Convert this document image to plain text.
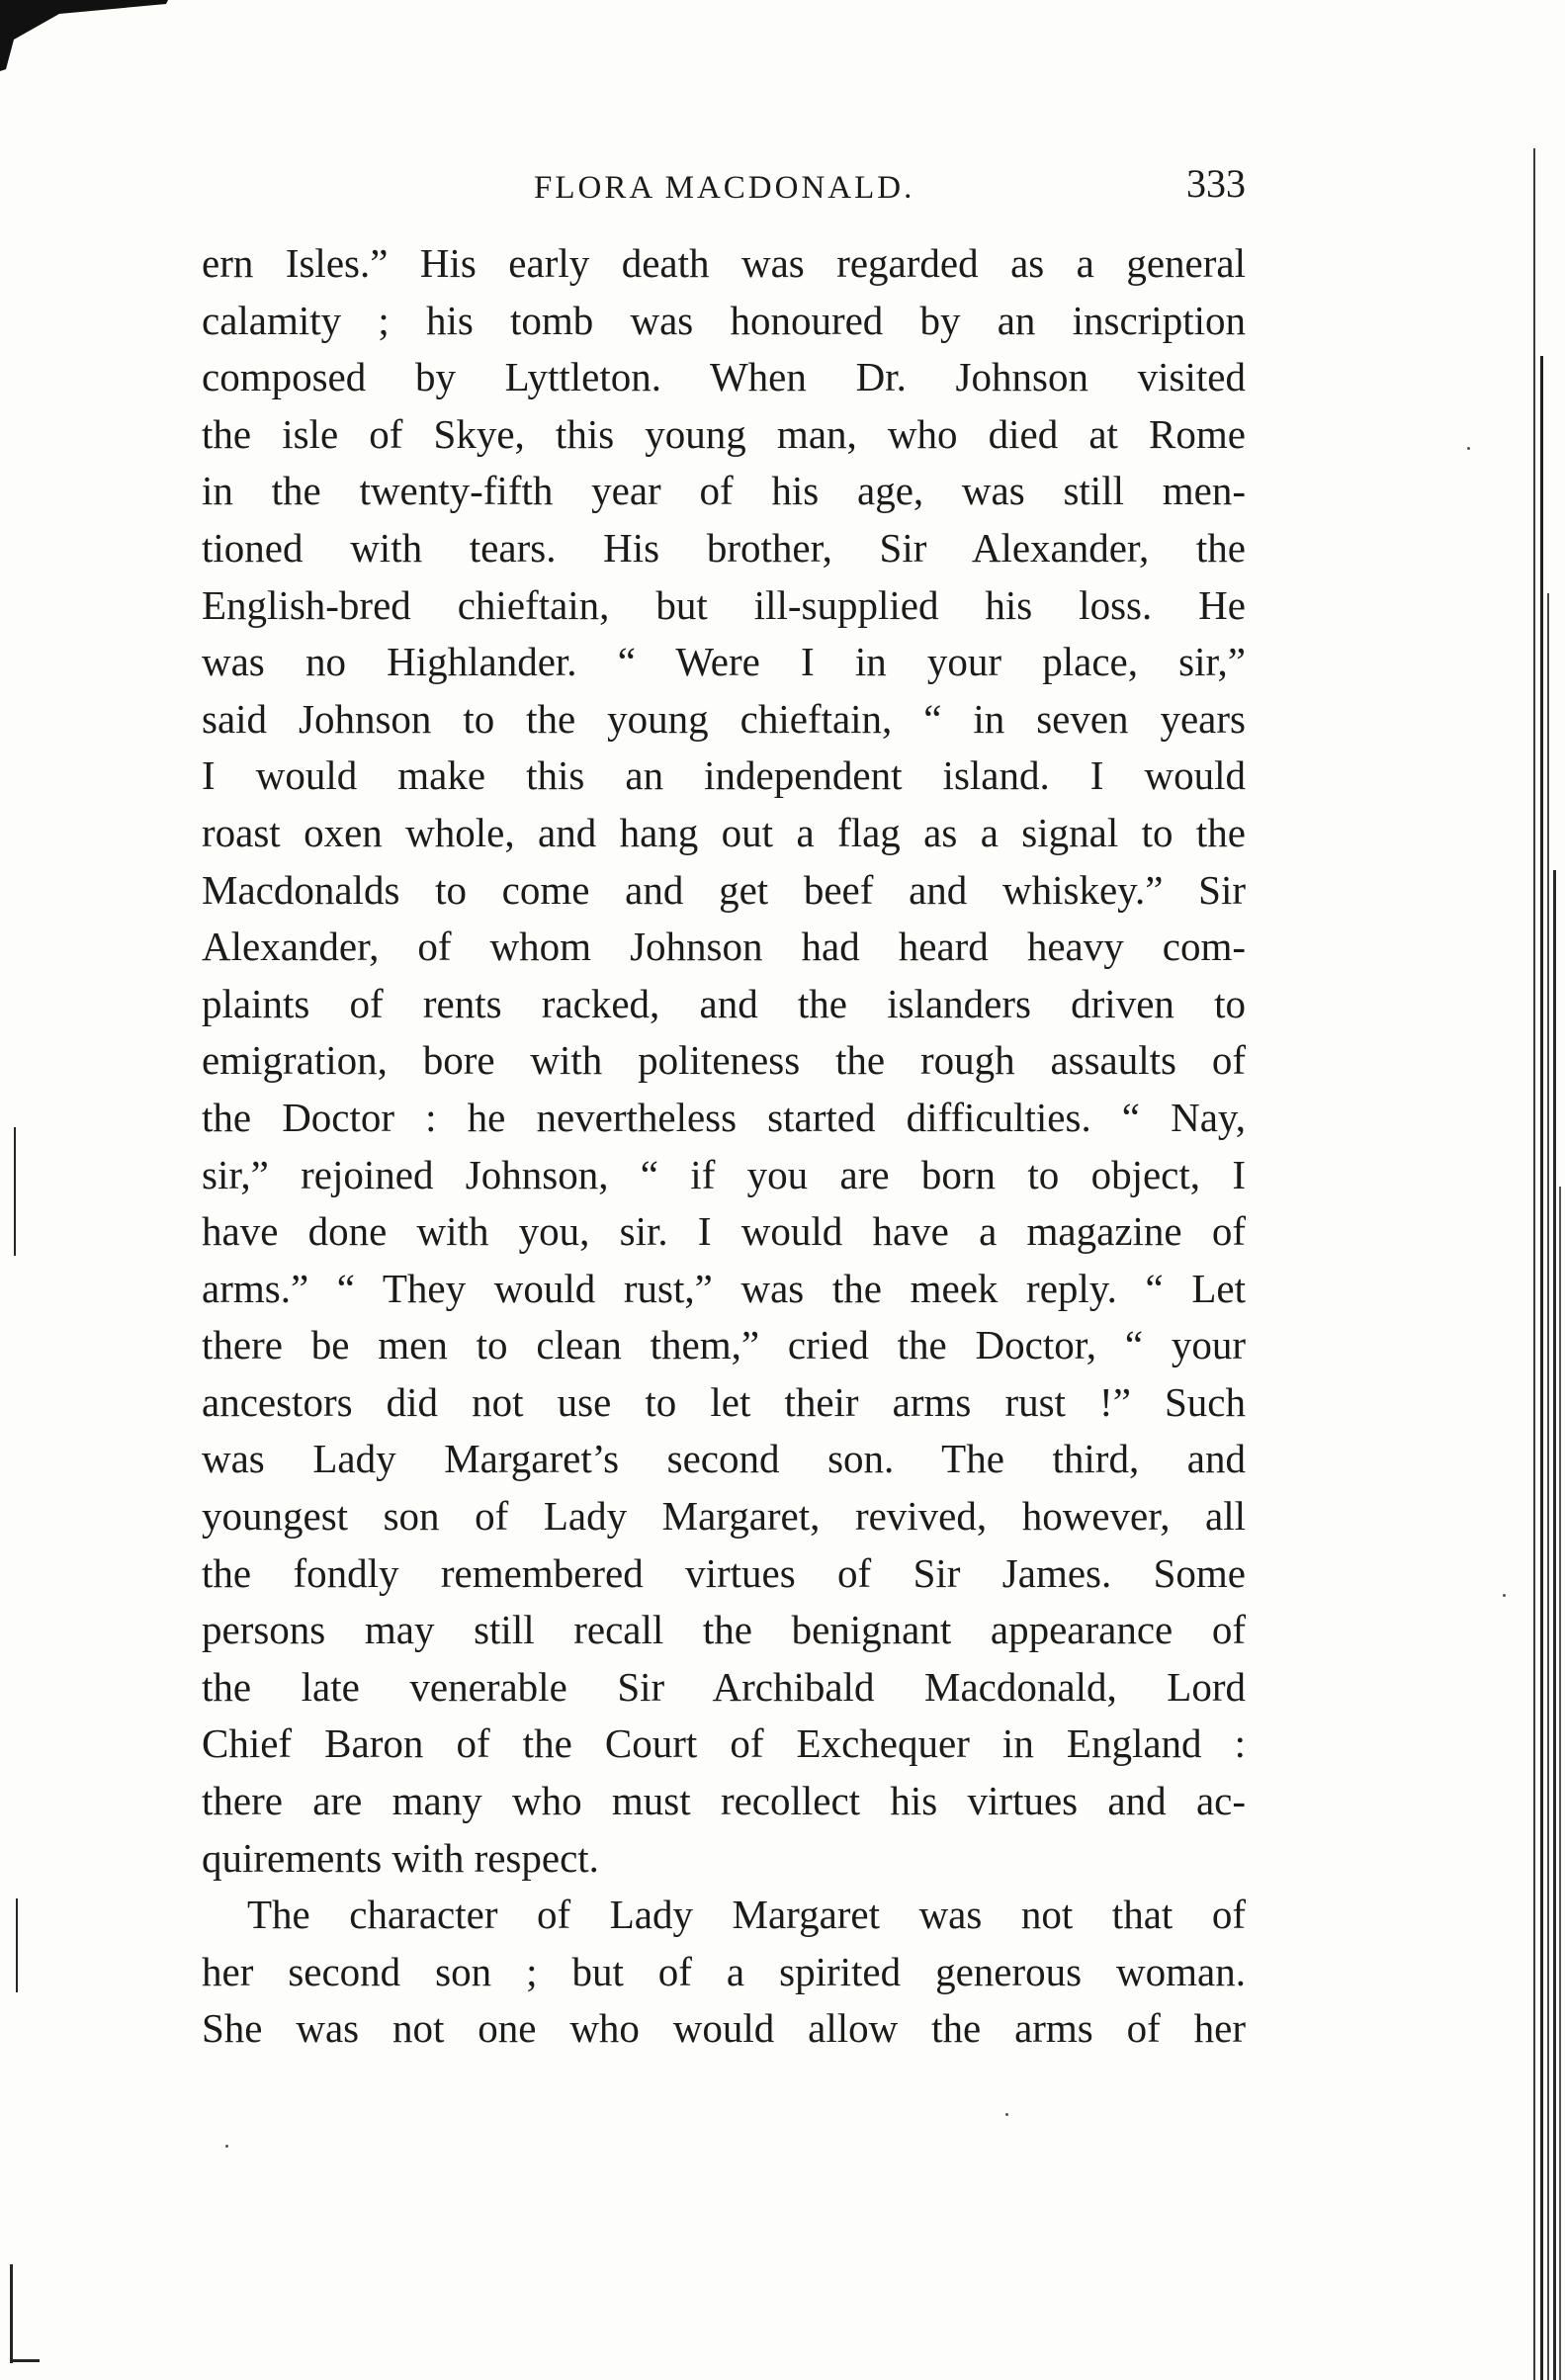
FLORA MACDONALD.	333
ern Isles.” His early death was regarded as a general
calamity ; his tomb was honoured by an inscription
composed by Lyttleton. When Dr. Johnson visited
the isle of Skye, this young man, who died at Rome
in the twenty-fifth year of his age, was still men-
tioned with tears. His brother, Sir Alexander, the
English-bred chieftain, but ill-supplied his loss. He
was no Highlander. “ Were I in your place, sir,”
said Johnson to the young chieftain, “ in seven years
I would make this an independent island. I would
roast oxen whole, and hang out a flag as a signal to the
Macdonalds to come and get beef and whiskey.” Sir
Alexander, of whom Johnson had heard heavy com-
plaints of rents racked, and the islanders driven to
emigration, bore with politeness the rough assaults of
the Doctor : he nevertheless started difficulties. “ Nay,
sir,” rejoined Johnson, “ if you are born to object, I
have done with you, sir. I would have a magazine of
arms.” “ They would rust,” was the meek reply. “ Let
there be men to clean them,” cried the Doctor, “ your
ancestors did not use to let their arms rust !” Such
was Lady Margaret’s second son. The third, and
youngest son of Lady Margaret, revived, however, all
the fondly remembered virtues of Sir James. Some
persons may still recall the benignant appearance of
the late venerable Sir Archibald Macdonald, Lord
Chief Baron of the Court of Exchequer in England :
there are many who must recollect his virtues and ac-
quirements with respect.
The character of Lady Margaret was not that of
her second son ; but of a spirited generous woman.
She was not one who would allow the arms of her
